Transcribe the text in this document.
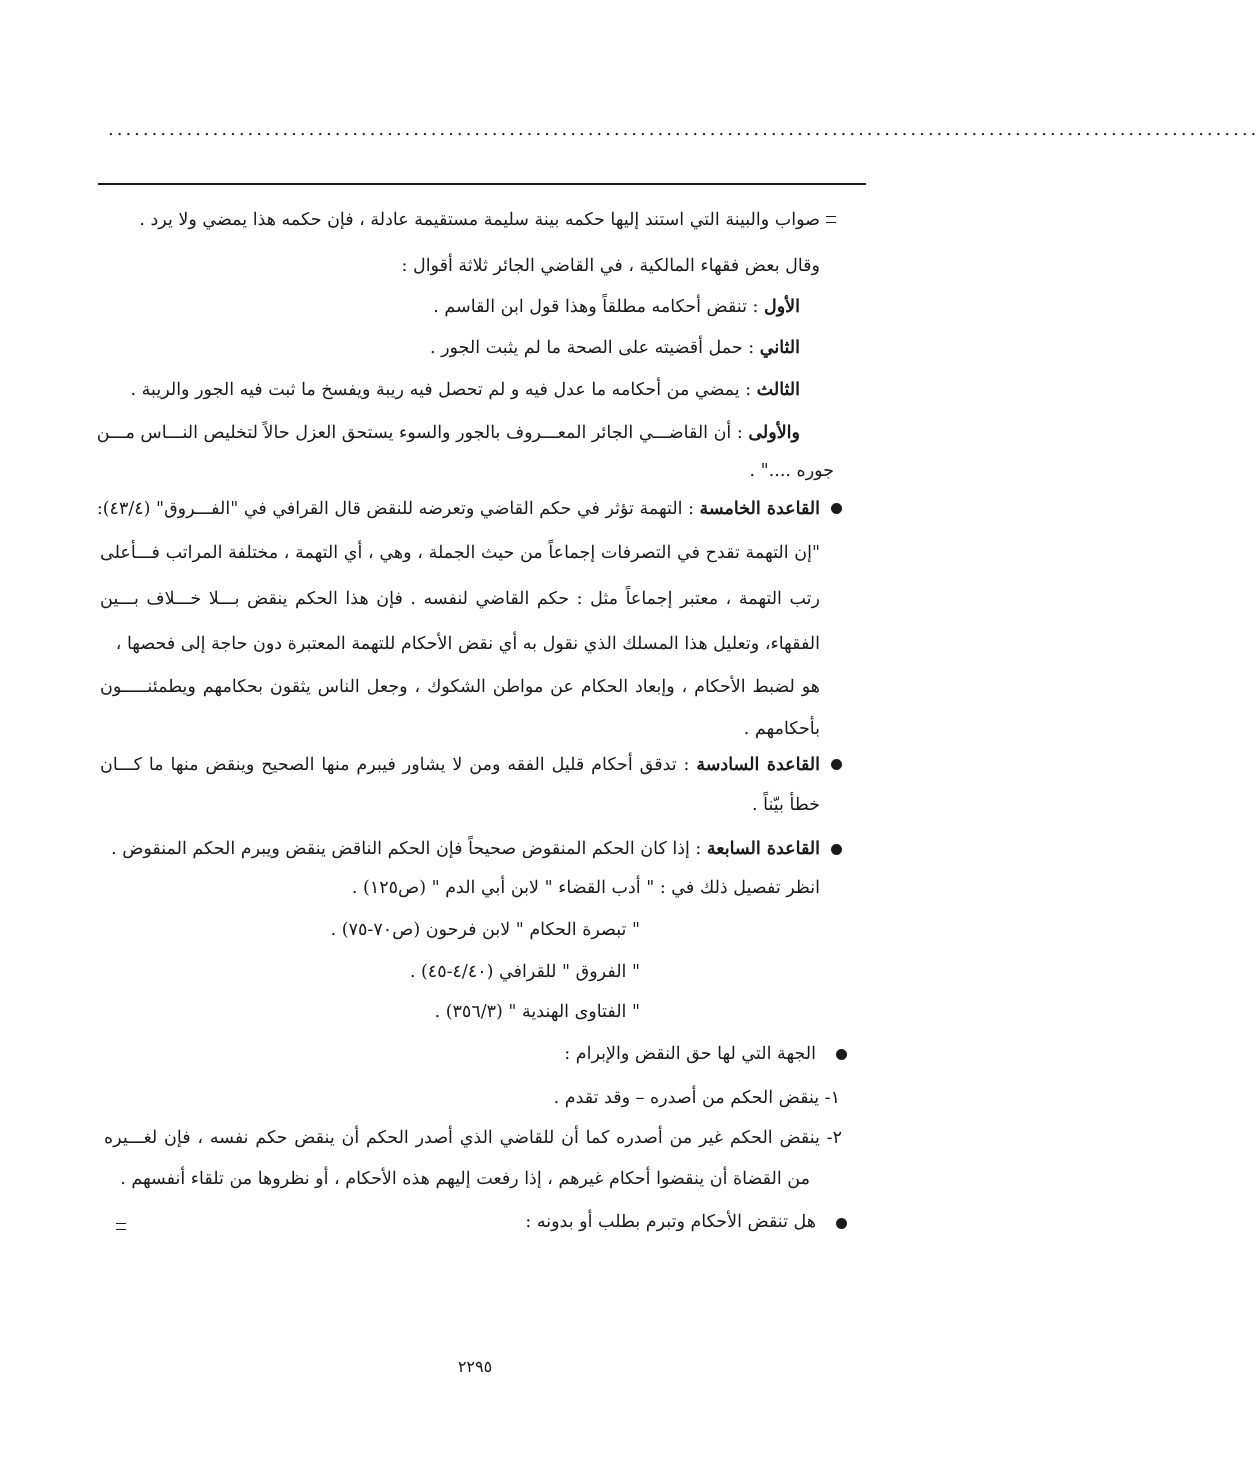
....................................................................................................................................
صواب والبينة التي استند إليها حكمه بينة سليمة مستقيمة عادلة ، فإن حكمه هذا يمضي ولا يرد .
وقال بعض فقهاء المالكية ، في القاضي الجائر ثلاثة أقوال :
الأول : تنقض أحكامه مطلقاً وهذا قول ابن القاسم .
الثاني : حمل أقضيته على الصحة ما لم يثبت الجور .
الثالث : يمضي من أحكامه ما عدل فيه و لم تحصل فيه ريبة ويفسخ ما ثبت فيه الجور والريبة .
والأولى : أن القاضـــي الجائر المعـــروف بالجور والسوء يستحق العزل حالاً لتخليص النـــاس مـــن
جوره ...." .
القاعدة الخامسة : التهمة تؤثر في حكم القاضي وتعرضه للنقض قال القرافي في "الفـــروق" (٤٣/٤):
"إن التهمة تقدح في التصرفات إجماعاً من حيث الجملة ، وهي ، أي التهمة ، مختلفة المراتب فـــأعلى
رتب التهمة ، معتبر إجماعاً مثل : حكم القاضي لنفسه . فإن هذا الحكم ينقض بـــلا خـــلاف بـــين
الفقهاء، وتعليل هذا المسلك الذي نقول به أي نقض الأحكام للتهمة المعتبرة دون حاجة إلى فحصها ،
هو لضبط الأحكام ، وإبعاد الحكام عن مواطن الشكوك ، وجعل الناس يثقون بحكامهم ويطمئنـــــون
بأحكامهم .
القاعدة السادسة : تدقق أحكام قليل الفقه ومن لا يشاور فيبرم منها الصحيح وينقض منها ما كـــان
خطأ بيّناً .
القاعدة السابعة : إذا كان الحكم المنقوض صحيحاً فإن الحكم الناقض ينقض ويبرم الحكم المنقوض .
انظر تفصيل ذلك في : " أدب القضاء " لابن أبي الدم " (ص١٢٥) .
" تبصرة الحكام " لابن فرحون (ص٧٠-٧٥) .
" الفروق " للقرافي (٤/٤٠-٤٥) .
" الفتاوى الهندية " (٣٥٦/٣) .
الجهة التي لها حق النقض والإبرام :
١- ينقض الحكم من أصدره – وقد تقدم .
٢- ينقض الحكم غير من أصدره كما أن للقاضي الذي أصدر الحكم أن ينقض حكم نفسه ، فإن لغـــيره
من القضاة أن ينقضوا أحكام غيرهم ، إذا رفعت إليهم هذه الأحكام ، أو نظروها من تلقاء أنفسهم .
هل تنقض الأحكام وتبرم بطلب أو بدونه :
٢٢٩٥
